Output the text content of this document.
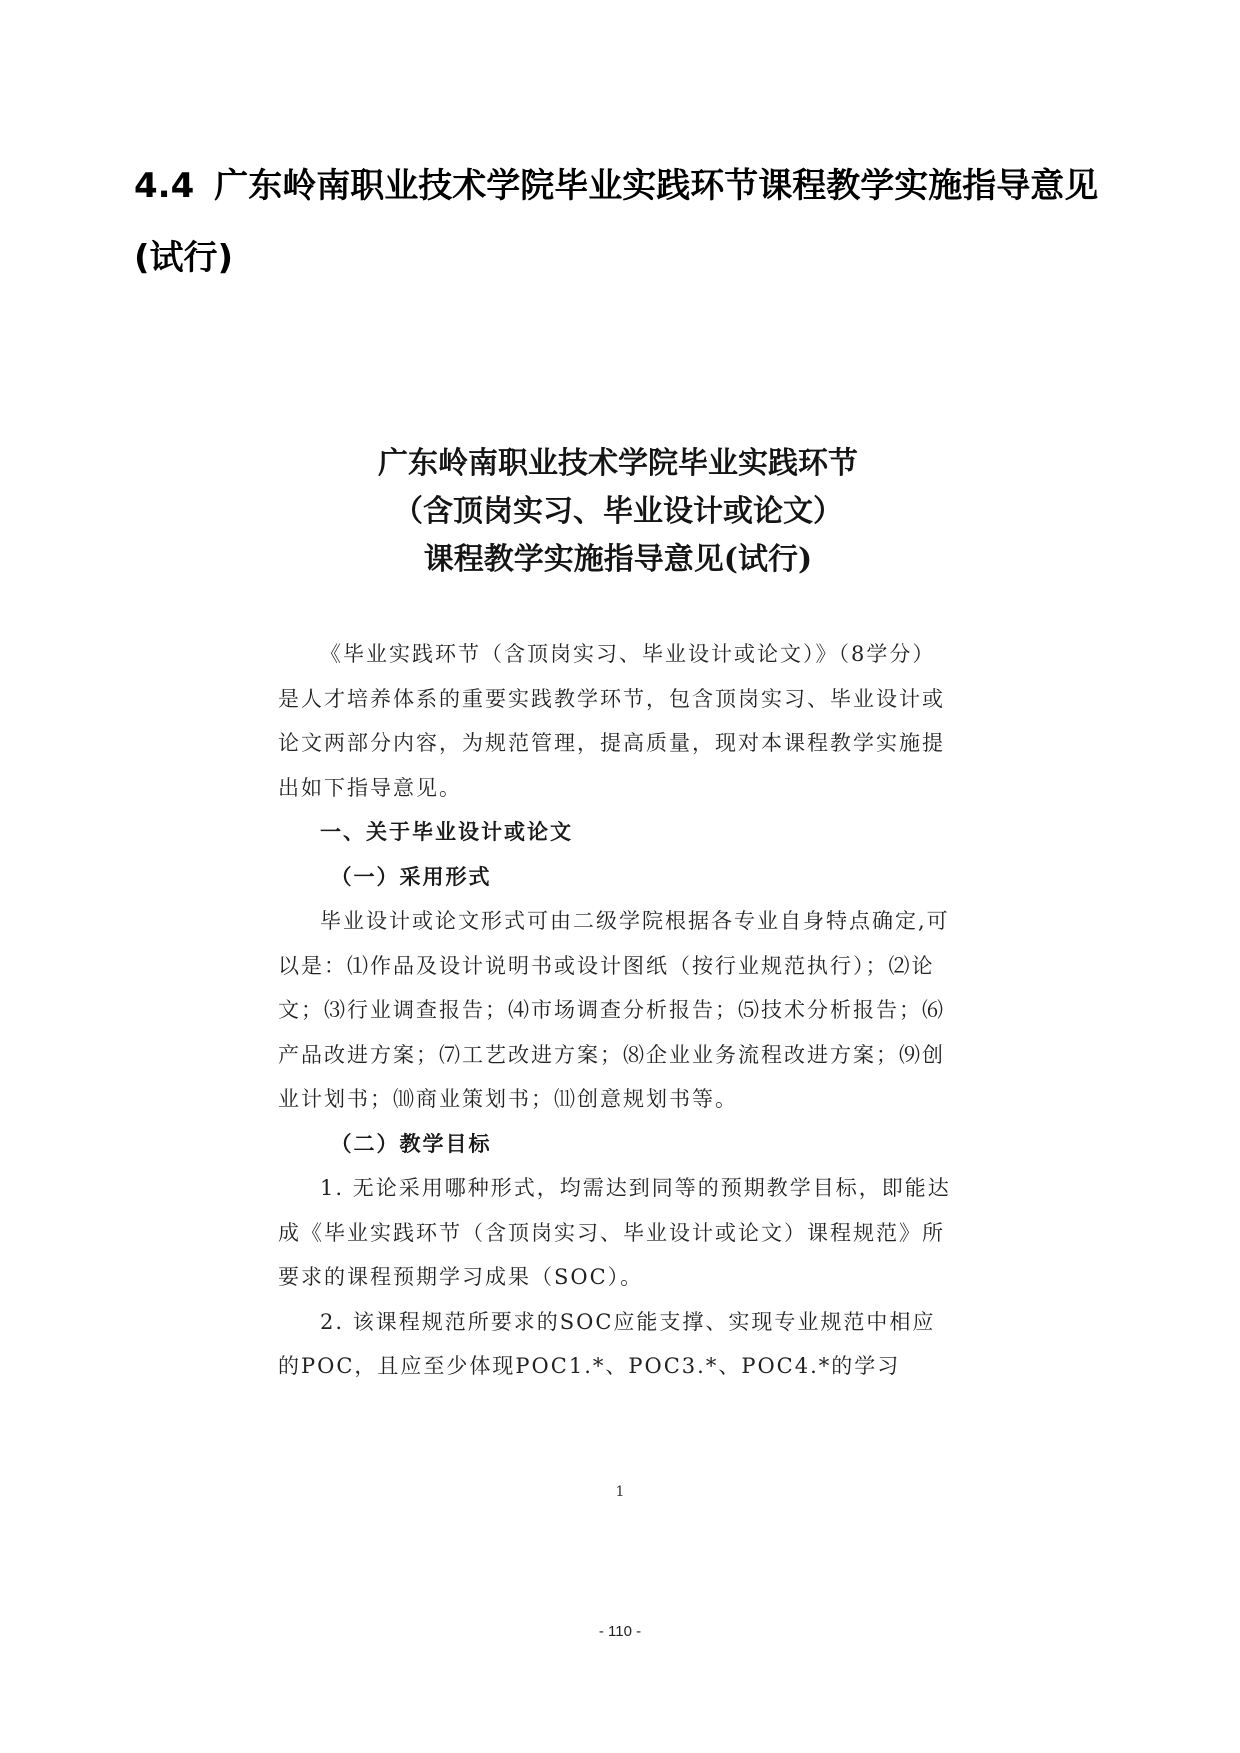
4.4 广东岭南职业技术学院毕业实践环节课程教学实施指导意见(试行)
广东岭南职业技术学院毕业实践环节
（含顶岗实习、毕业设计或论文）
课程教学实施指导意见(试行)

《毕业实践环节（含顶岗实习、毕业设计或论文）》（8学分）是人才培养体系的重要实践教学环节，包含顶岗实习、毕业设计或论文两部分内容，为规范管理，提高质量，现对本课程教学实施提出如下指导意见。

一、关于毕业设计或论文

（一）采用形式

毕业设计或论文形式可由二级学院根据各专业自身特点确定,可以是：⑴作品及设计说明书或设计图纸（按行业规范执行）；⑵论文；⑶行业调查报告；⑷市场调查分析报告；⑸技术分析报告；⑹产品改进方案；⑺工艺改进方案；⑻企业业务流程改进方案；⑼创业计划书；⑽商业策划书；⑾创意规划书等。

（二）教学目标

1. 无论采用哪种形式，均需达到同等的预期教学目标，即能达成《毕业实践环节（含顶岗实习、毕业设计或论文）课程规范》所要求的课程预期学习成果（SOC）。

2. 该课程规范所要求的SOC应能支撑、实现专业规范中相应的POC，且应至少体现POC1.*、POC3.*、POC4.*的学习

1
- 110 -
